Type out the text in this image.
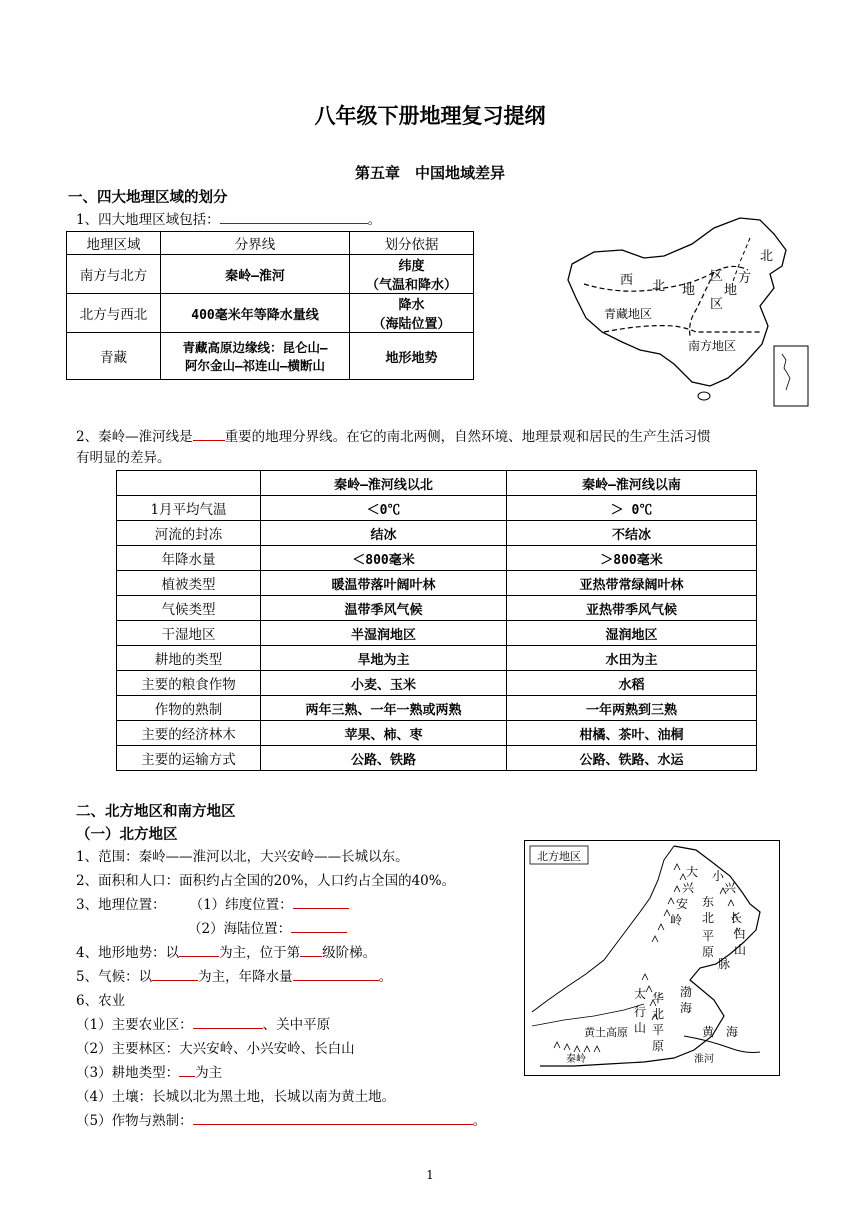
八年级下册地理复习提纲
第五章　中国地域差异
一、四大地理区域的划分
1、四大地理区域包括：	。
地理区域	分界线	划分依据
南方与北方	秦岭—淮河	纬度
（气温和降水）

北方与西北	400毫米年等降水量线	降水
（海陆位置）

青藏	青藏高原边缘线：昆仑山–
阿尔金山–祁连山–横断山	地形地势
西 北 地
区
北
方
地
区
青藏地区
南方地区
2、秦岭—淮河线是 重要的地理分界线。在它的南北两侧，自然环境、地理景观和居民的生产生活习惯
有明显的差异。
	秦岭—淮河线以北	秦岭—淮河线以南
1月平均气温	＜0℃	＞ 0℃
河流的封冻	结冰	不结冰
年降水量	＜800毫米	＞800毫米
植被类型	暖温带落叶阔叶林	亚热带常绿阔叶林
气候类型	温带季风气候	亚热带季风气候
干湿地区	半湿润地区	湿润地区
耕地的类型	旱地为主	水田为主
主要的粮食作物	小麦、玉米	水稻
作物的熟制	两年三熟、一年一熟或两熟	一年两熟到三熟
主要的经济林木	苹果、柿、枣	柑橘、茶叶、油桐
主要的运输方式	公路、铁路	公路、铁路、水运
二、北方地区和南方地区
（一）北方地区
1、范围：秦岭——淮河以北，大兴安岭——长城以东。
2、面积和人口：面积约占全国的20%，人口约占全国的40%。
3、地理位置： （1）纬度位置：
（2）海陆位置：
4、地形地势：以	为主，位于第 级阶梯。
5、气候：以	为主，年降水量	。
6、农业
（1）主要农业区：	、关中平原
（2）主要林区：大兴安岭、小兴安岭、长白山
（3）耕地类型： 为主
（4）土壤：长城以北为黑土地，长城以南为黄土地。
（5）作物与熟制：	。
北方地区
大
兴
安
岭
小
兴
东
北 长
白
山
脉
平
原
黄土高原
太
行
山
华
北
平
原
渤
海
黄　海
秦岭	淮河
1
